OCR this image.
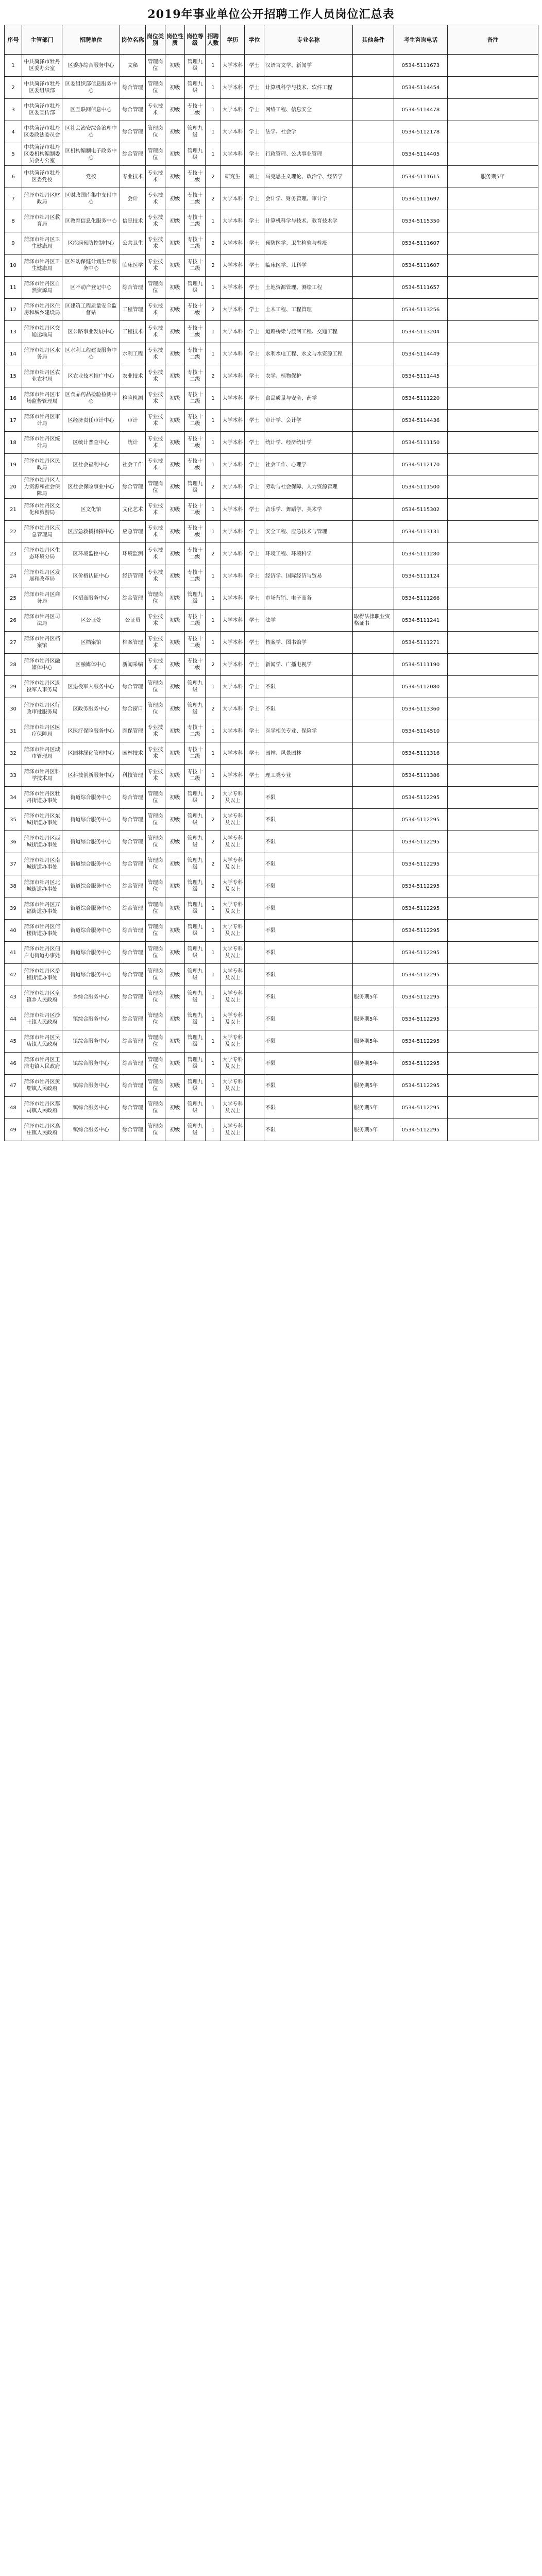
2019年事业单位公开招聘工作人员岗位汇总表
序号	主管部门	招聘单位	岗位名称	岗位类别	岗位性质	岗位等级	招聘人数	学历	学位	专业名称	其他条件	考生咨询电话	备注
1	中共菏泽市牡丹区委办公室	区委办综合服务中心	文秘	管理岗位	初级	管理九级	1	大学本科	学士	汉语言文学、新闻学		0534-5111673	
2	中共菏泽市牡丹区委组织部	区委组织部信息服务中心	综合管理	管理岗位	初级	管理九级	1	大学本科	学士	计算机科学与技术、软件工程		0534-5114454	
3	中共菏泽市牡丹区委宣传部	区互联网信息中心	综合管理	专业技术	初级	专技十二级	1	大学本科	学士	网络工程、信息安全		0534-5114478	
4	中共菏泽市牡丹区委政法委员会	区社会治安综合治理中心	综合管理	管理岗位	初级	管理九级	1	大学本科	学士	法学、社会学		0534-5112178	
5	中共菏泽市牡丹区委机构编制委员会办公室	区机构编制电子政务中心	综合管理	管理岗位	初级	管理九级	1	大学本科	学士	行政管理、公共事业管理		0534-5114405	
6	中共菏泽市牡丹区委党校	党校	专业技术	专业技术	初级	专技十二级	2	研究生	硕士	马克思主义理论、政治学、经济学		0534-5111615	服务期5年
7	菏泽市牡丹区财政局	区财政国库集中支付中心	会计	专业技术	初级	专技十二级	2	大学本科	学士	会计学、财务管理、审计学		0534-5111697	
8	菏泽市牡丹区教育局	区教育信息化服务中心	信息技术	专业技术	初级	专技十二级	1	大学本科	学士	计算机科学与技术、教育技术学		0534-5115350	
9	菏泽市牡丹区卫生健康局	区疾病预防控制中心	公共卫生	专业技术	初级	专技十二级	2	大学本科	学士	预防医学、卫生检验与检疫		0534-5111607	
10	菏泽市牡丹区卫生健康局	区妇幼保健计划生育服务中心	临床医学	专业技术	初级	专技十二级	2	大学本科	学士	临床医学、儿科学		0534-5111607	
11	菏泽市牡丹区自然资源局	区不动产登记中心	综合管理	管理岗位	初级	管理九级	1	大学本科	学士	土地资源管理、测绘工程		0534-5111657	
12	菏泽市牡丹区住房和城乡建设局	区建筑工程质量安全监督站	工程管理	专业技术	初级	专技十二级	2	大学本科	学士	土木工程、工程管理		0534-5113256	
13	菏泽市牡丹区交通运输局	区公路事业发展中心	工程技术	专业技术	初级	专技十二级	1	大学本科	学士	道路桥梁与渡河工程、交通工程		0534-5113204	
14	菏泽市牡丹区水务局	区水利工程建设服务中心	水利工程	专业技术	初级	专技十二级	1	大学本科	学士	水利水电工程、水文与水资源工程		0534-5114449	
15	菏泽市牡丹区农业农村局	区农业技术推广中心	农业技术	专业技术	初级	专技十二级	2	大学本科	学士	农学、植物保护		0534-5111445	
16	菏泽市牡丹区市场监督管理局	区食品药品检验检测中心	检验检测	专业技术	初级	专技十二级	1	大学本科	学士	食品质量与安全、药学		0534-5111220	
17	菏泽市牡丹区审计局	区经济责任审计中心	审计	专业技术	初级	专技十二级	1	大学本科	学士	审计学、会计学		0534-5114436	
18	菏泽市牡丹区统计局	区统计普查中心	统计	专业技术	初级	专技十二级	1	大学本科	学士	统计学、经济统计学		0534-5111150	
19	菏泽市牡丹区民政局	区社会福利中心	社会工作	专业技术	初级	专技十二级	1	大学本科	学士	社会工作、心理学		0534-5112170	
20	菏泽市牡丹区人力资源和社会保障局	区社会保险事业中心	综合管理	管理岗位	初级	管理九级	2	大学本科	学士	劳动与社会保障、人力资源管理		0534-5111500	
21	菏泽市牡丹区文化和旅游局	区文化馆	文化艺术	专业技术	初级	专技十二级	1	大学本科	学士	音乐学、舞蹈学、美术学		0534-5115302	
22	菏泽市牡丹区应急管理局	区应急救援指挥中心	应急管理	专业技术	初级	专技十二级	1	大学本科	学士	安全工程、应急技术与管理		0534-5113131	
23	菏泽市牡丹区生态环境分局	区环境监控中心	环境监测	专业技术	初级	专技十二级	2	大学本科	学士	环境工程、环境科学		0534-5111280	
24	菏泽市牡丹区发展和改革局	区价格认证中心	经济管理	专业技术	初级	专技十二级	1	大学本科	学士	经济学、国际经济与贸易		0534-5111124	
25	菏泽市牡丹区商务局	区招商服务中心	综合管理	管理岗位	初级	管理九级	1	大学本科	学士	市场营销、电子商务		0534-5111266	
26	菏泽市牡丹区司法局	区公证处	公证员	专业技术	初级	专技十二级	1	大学本科	学士	法学	取得法律职业资格证书	0534-5111241	
27	菏泽市牡丹区档案馆	区档案馆	档案管理	专业技术	初级	专技十二级	1	大学本科	学士	档案学、图书馆学		0534-5111271	
28	菏泽市牡丹区融媒体中心	区融媒体中心	新闻采编	专业技术	初级	专技十二级	2	大学本科	学士	新闻学、广播电视学		0534-5111190	
29	菏泽市牡丹区退役军人事务局	区退役军人服务中心	综合管理	管理岗位	初级	管理九级	1	大学本科	学士	不限		0534-5112080	
30	菏泽市牡丹区行政审批服务局	区政务服务中心	综合窗口	管理岗位	初级	管理九级	2	大学本科	学士	不限		0534-5113360	
31	菏泽市牡丹区医疗保障局	区医疗保险服务中心	医保管理	专业技术	初级	专技十二级	1	大学本科	学士	医学相关专业、保险学		0534-5114510	
32	菏泽市牡丹区城市管理局	区园林绿化管理中心	园林技术	专业技术	初级	专技十二级	1	大学本科	学士	园林、风景园林		0534-5111316	
33	菏泽市牡丹区科学技术局	区科技创新服务中心	科技管理	专业技术	初级	专技十二级	1	大学本科	学士	理工类专业		0534-5111386	
34	菏泽市牡丹区牡丹街道办事处	街道综合服务中心	综合管理	管理岗位	初级	管理九级	2	大学专科及以上		不限		0534-5112295	
35	菏泽市牡丹区东城街道办事处	街道综合服务中心	综合管理	管理岗位	初级	管理九级	2	大学专科及以上		不限		0534-5112295	
36	菏泽市牡丹区西城街道办事处	街道综合服务中心	综合管理	管理岗位	初级	管理九级	2	大学专科及以上		不限		0534-5112295	
37	菏泽市牡丹区南城街道办事处	街道综合服务中心	综合管理	管理岗位	初级	管理九级	2	大学专科及以上		不限		0534-5112295	
38	菏泽市牡丹区北城街道办事处	街道综合服务中心	综合管理	管理岗位	初级	管理九级	2	大学专科及以上		不限		0534-5112295	
39	菏泽市牡丹区万福街道办事处	街道综合服务中心	综合管理	管理岗位	初级	管理九级	1	大学专科及以上		不限		0534-5112295	
40	菏泽市牡丹区何楼街道办事处	街道综合服务中心	综合管理	管理岗位	初级	管理九级	1	大学专科及以上		不限		0534-5112295	
41	菏泽市牡丹区佃户屯街道办事处	街道综合服务中心	综合管理	管理岗位	初级	管理九级	1	大学专科及以上		不限		0534-5112295	
42	菏泽市牡丹区岳程街道办事处	街道综合服务中心	综合管理	管理岗位	初级	管理九级	1	大学专科及以上		不限		0534-5112295	
43	菏泽市牡丹区皇镇乡人民政府	乡综合服务中心	综合管理	管理岗位	初级	管理九级	1	大学专科及以上		不限	服务期5年	0534-5112295	
44	菏泽市牡丹区沙土镇人民政府	镇综合服务中心	综合管理	管理岗位	初级	管理九级	1	大学专科及以上		不限	服务期5年	0534-5112295	
45	菏泽市牡丹区吴店镇人民政府	镇综合服务中心	综合管理	管理岗位	初级	管理九级	1	大学专科及以上		不限	服务期5年	0534-5112295	
46	菏泽市牡丹区王浩屯镇人民政府	镇综合服务中心	综合管理	管理岗位	初级	管理九级	1	大学专科及以上		不限	服务期5年	0534-5112295	
47	菏泽市牡丹区黄堽镇人民政府	镇综合服务中心	综合管理	管理岗位	初级	管理九级	1	大学专科及以上		不限	服务期5年	0534-5112295	
48	菏泽市牡丹区都司镇人民政府	镇综合服务中心	综合管理	管理岗位	初级	管理九级	1	大学专科及以上		不限	服务期5年	0534-5112295	
49	菏泽市牡丹区高庄镇人民政府	镇综合服务中心	综合管理	管理岗位	初级	管理九级	1	大学专科及以上		不限	服务期5年	0534-5112295	
